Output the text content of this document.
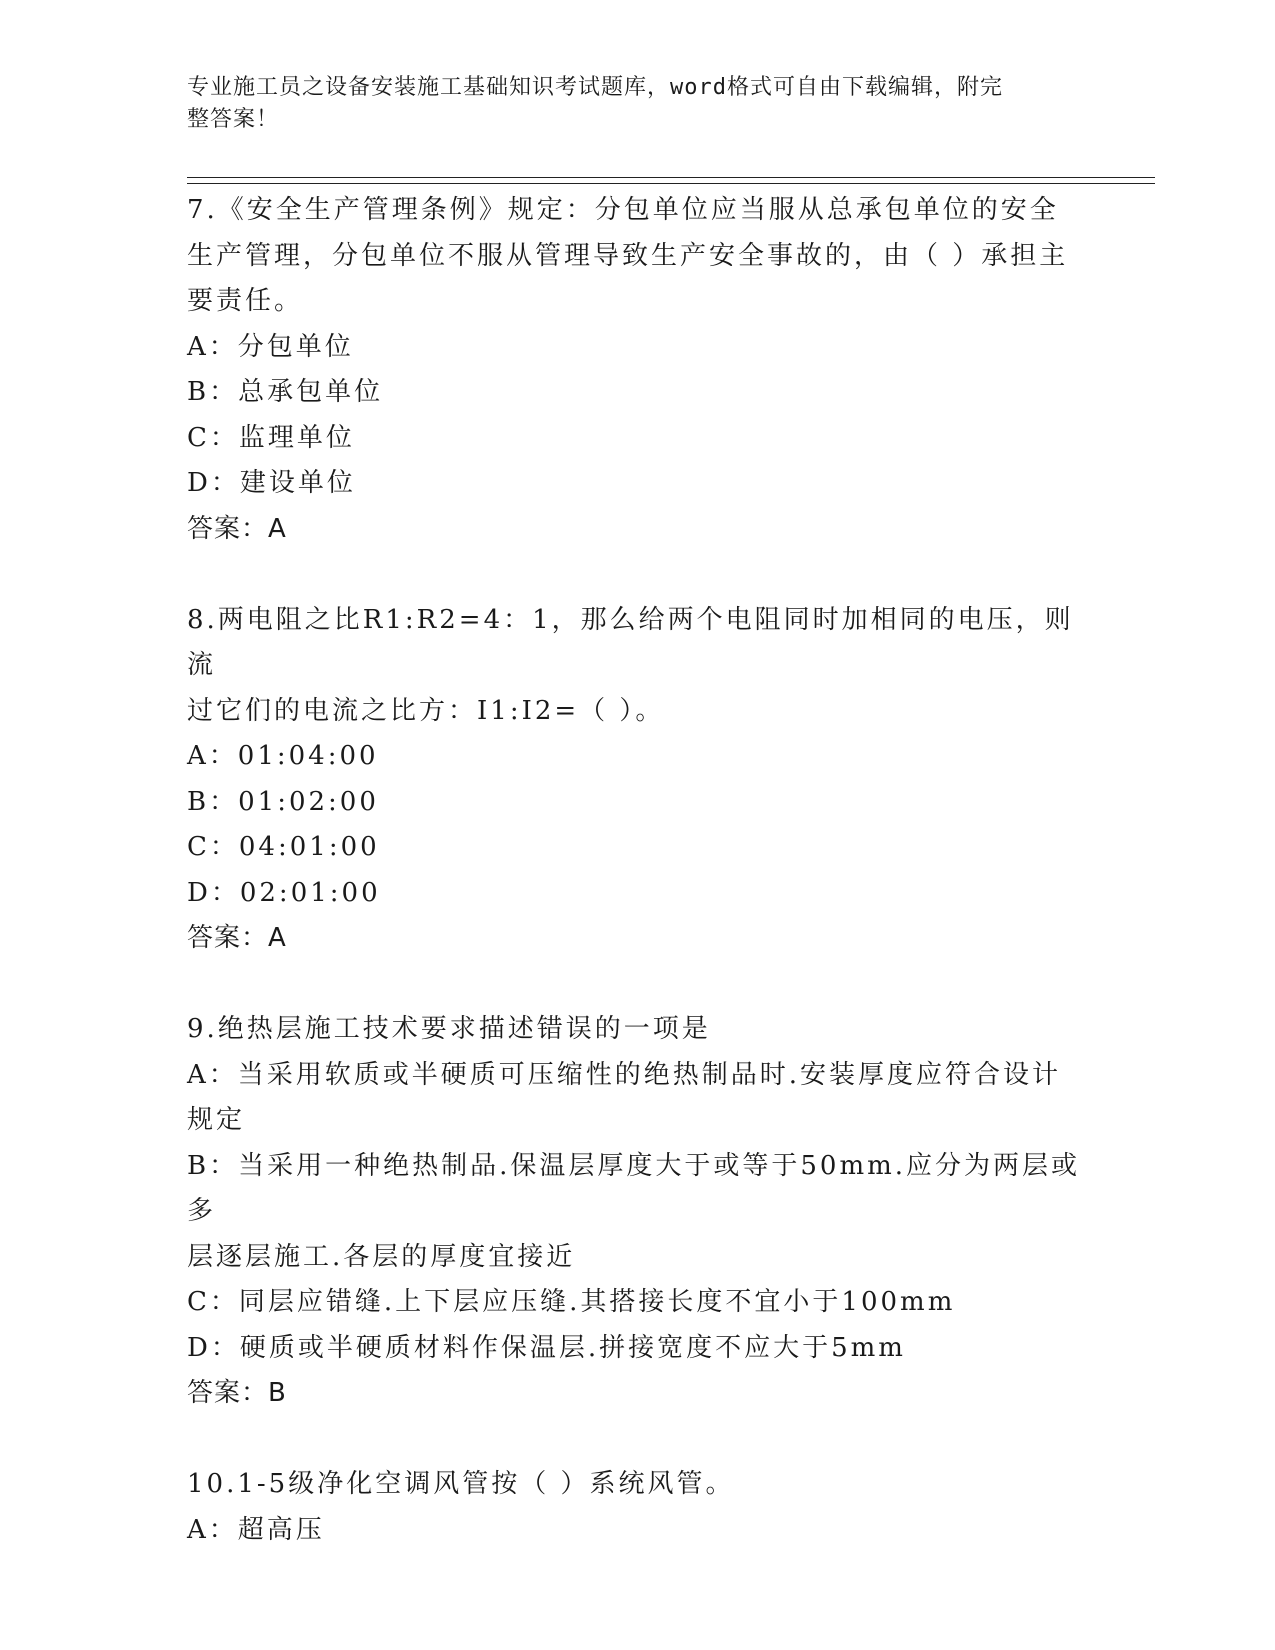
专业施工员之设备安装施工基础知识考试题库，word格式可自由下载编辑，附完
整答案！
7.《安全生产管理条例》规定：分包单位应当服从总承包单位的安全
生产管理，分包单位不服从管理导致生产安全事故的，由（ ）承担主
要责任。
A：分包单位
B：总承包单位
C：监理单位
D：建设单位
答案：A
8.两电阻之比R1:R2=4：1，那么给两个电阻同时加相同的电压，则流
过它们的电流之比方：I1:I2=（ ）。
A：01:04:00
B：01:02:00
C：04:01:00
D：02:01:00
答案：A
9.绝热层施工技术要求描述错误的一项是
A：当采用软质或半硬质可压缩性的绝热制品时.安装厚度应符合设计
规定
B：当采用一种绝热制品.保温层厚度大于或等于50mm.应分为两层或多
层逐层施工.各层的厚度宜接近
C：同层应错缝.上下层应压缝.其搭接长度不宜小于100mm
D：硬质或半硬质材料作保温层.拼接宽度不应大于5mm
答案：B
10.1-5级净化空调风管按（ ）系统风管。
A：超高压
